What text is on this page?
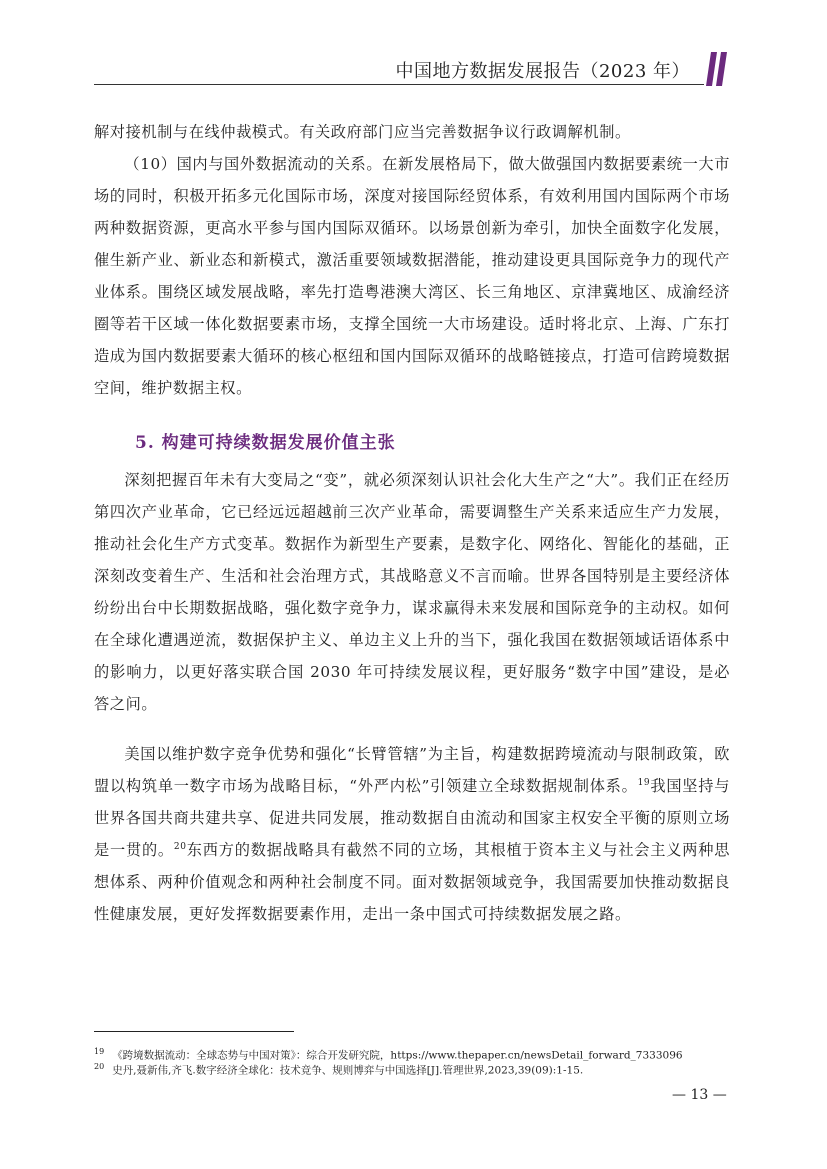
中国地方数据发展报告（2023 年）

解对接机制与在线仲裁模式。有关政府部门应当完善数据争议行政调解机制。

（10）国内与国外数据流动的关系。在新发展格局下，做大做强国内数据要素统一大市场的同时，积极开拓多元化国际市场，深度对接国际经贸体系，有效利用国内国际两个市场两种数据资源，更高水平参与国内国际双循环。以场景创新为牵引，加快全面数字化发展，催生新产业、新业态和新模式，激活重要领域数据潜能，推动建设更具国际竞争力的现代产业体系。围绕区域发展战略，率先打造粤港澳大湾区、长三角地区、京津冀地区、成渝经济圈等若干区域一体化数据要素市场，支撑全国统一大市场建设。适时将北京、上海、广东打造成为国内数据要素大循环的核心枢纽和国内国际双循环的战略链接点，打造可信跨境数据空间，维护数据主权。

5. 构建可持续数据发展价值主张

深刻把握百年未有大变局之“变”，就必须深刻认识社会化大生产之“大”。我们正在经历第四次产业革命，它已经远远超越前三次产业革命，需要调整生产关系来适应生产力发展，推动社会化生产方式变革。数据作为新型生产要素，是数字化、网络化、智能化的基础，正深刻改变着生产、生活和社会治理方式，其战略意义不言而喻。世界各国特别是主要经济体纷纷出台中长期数据战略，强化数字竞争力，谋求赢得未来发展和国际竞争的主动权。如何在全球化遭遇逆流，数据保护主义、单边主义上升的当下，强化我国在数据领域话语体系中的影响力，以更好落实联合国 2030 年可持续发展议程，更好服务“数字中国”建设，是必答之问。

美国以维护数字竞争优势和强化“长臂管辖”为主旨，构建数据跨境流动与限制政策，欧盟以构筑单一数字市场为战略目标，“外严内松”引领建立全球数据规制体系。$^{19}$我国坚持与世界各国共商共建共享、促进共同发展，推动数据自由流动和国家主权安全平衡的原则立场是一贯的。$^{20}$东西方的数据战略具有截然不同的立场，其根植于资本主义与社会主义两种思想体系、两种价值观念和两种社会制度不同。面对数据领域竞争，我国需要加快推动数据良性健康发展，更好发挥数据要素作用，走出一条中国式可持续数据发展之路。

$^{19}$ 《跨境数据流动：全球态势与中国对策》：综合开发研究院，https://www.thepaper.cn/newsDetail_forward_7333096
$^{20}$ 史丹,聂新伟,齐飞.数字经济全球化：技术竞争、规则博弈与中国选择[J].管理世界,2023,39(09):1-15.
— 13 —
